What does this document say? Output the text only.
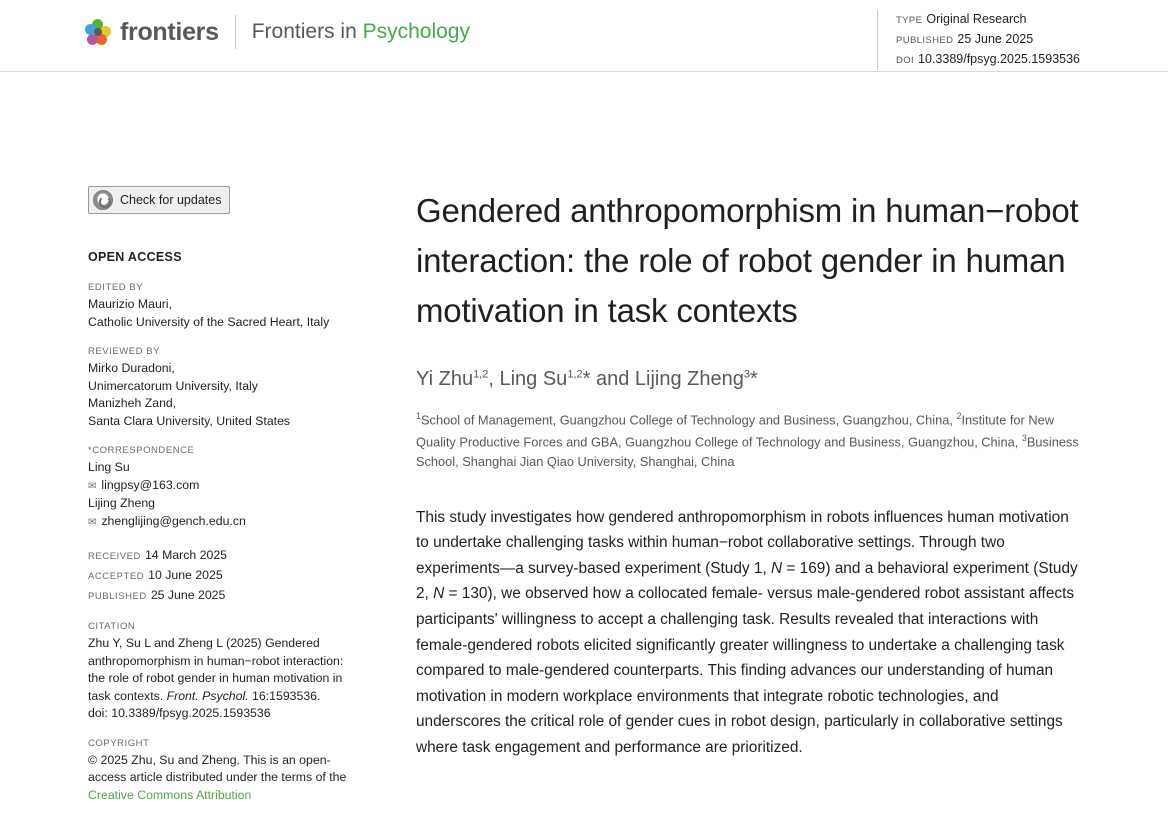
frontiers Frontiers in Psychology	TYPE Original Research
PUBLISHED 25 June 2025
DOI 10.3389/fpsyg.2025.1593536
Check for updates
OPEN ACCESS
EDITED BY
Maurizio Mauri,
Catholic University of the Sacred Heart, Italy
REVIEWED BY
Mirko Duradoni,
Unimercatorum University, Italy
Manizheh Zand,
Santa Clara University, United States
*CORRESPONDENCE
Ling Su
✉ lingpsy@163.com
Lijing Zheng
✉ zhenglijing@gench.edu.cn
RECEIVED 14 March 2025
ACCEPTED 10 June 2025
PUBLISHED 25 June 2025
CITATION
Zhu Y, Su L and Zheng L (2025) Gendered anthropomorphism in human−robot interaction: the role of robot gender in human motivation in task contexts. Front. Psychol. 16:1593536.
doi: 10.3389/fpsyg.2025.1593536
COPYRIGHT
© 2025 Zhu, Su and Zheng. This is an open-access article distributed under the terms of the Creative Commons Attribution
Gendered anthropomorphism in human−robot interaction: the role of robot gender in human motivation in task contexts
Yi Zhu$^{1,2}$, Ling Su$^{1,2}$* and Lijing Zheng$^3$*
$^1$School of Management, Guangzhou College of Technology and Business, Guangzhou, China, $^2$Institute for New Quality Productive Forces and GBA, Guangzhou College of Technology and Business, Guangzhou, China, $^3$Business School, Shanghai Jian Qiao University, Shanghai, China
This study investigates how gendered anthropomorphism in robots influences human motivation to undertake challenging tasks within human−robot collaborative settings. Through two experiments—a survey-based experiment (Study 1, N = 169) and a behavioral experiment (Study 2, N = 130), we observed how a collocated female- versus male-gendered robot assistant affects participants' willingness to accept a challenging task. Results revealed that interactions with female-gendered robots elicited significantly greater willingness to undertake a challenging task compared to male-gendered counterparts. This finding advances our understanding of human motivation in modern workplace environments that integrate robotic technologies, and underscores the critical role of gender cues in robot design, particularly in collaborative settings where task engagement and performance are prioritized.
